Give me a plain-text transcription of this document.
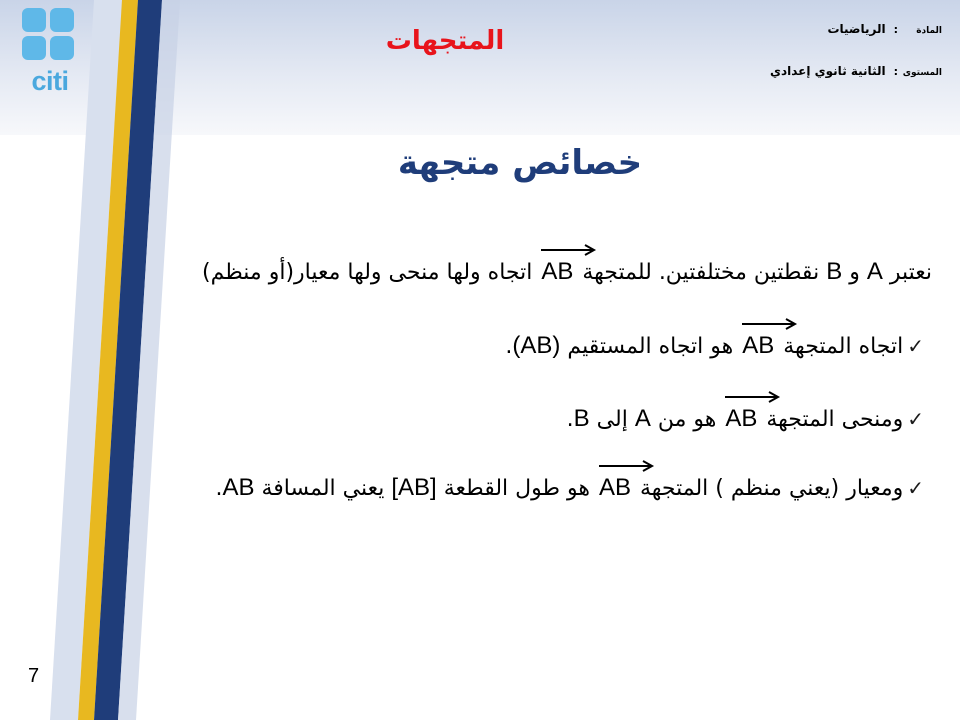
citi
المادة
:
الرياضيات
المستوى
:
الثانية ثانوي إعدادي
المتجهات
خصائص متجهة
نعتبر A و B نقطتين مختلفتين. للمتجهة
AB اتجاه ولها منحى ولها معيار(أو منظم)
✓اتجاه المتجهة
AB هو اتجاه المستقيم (AB).
✓ومنحى المتجهة
AB هو من A إلى B.
✓ومعيار (يعني منظم ) المتجهة
AB هو طول القطعة [AB] يعني المسافة AB.
7
